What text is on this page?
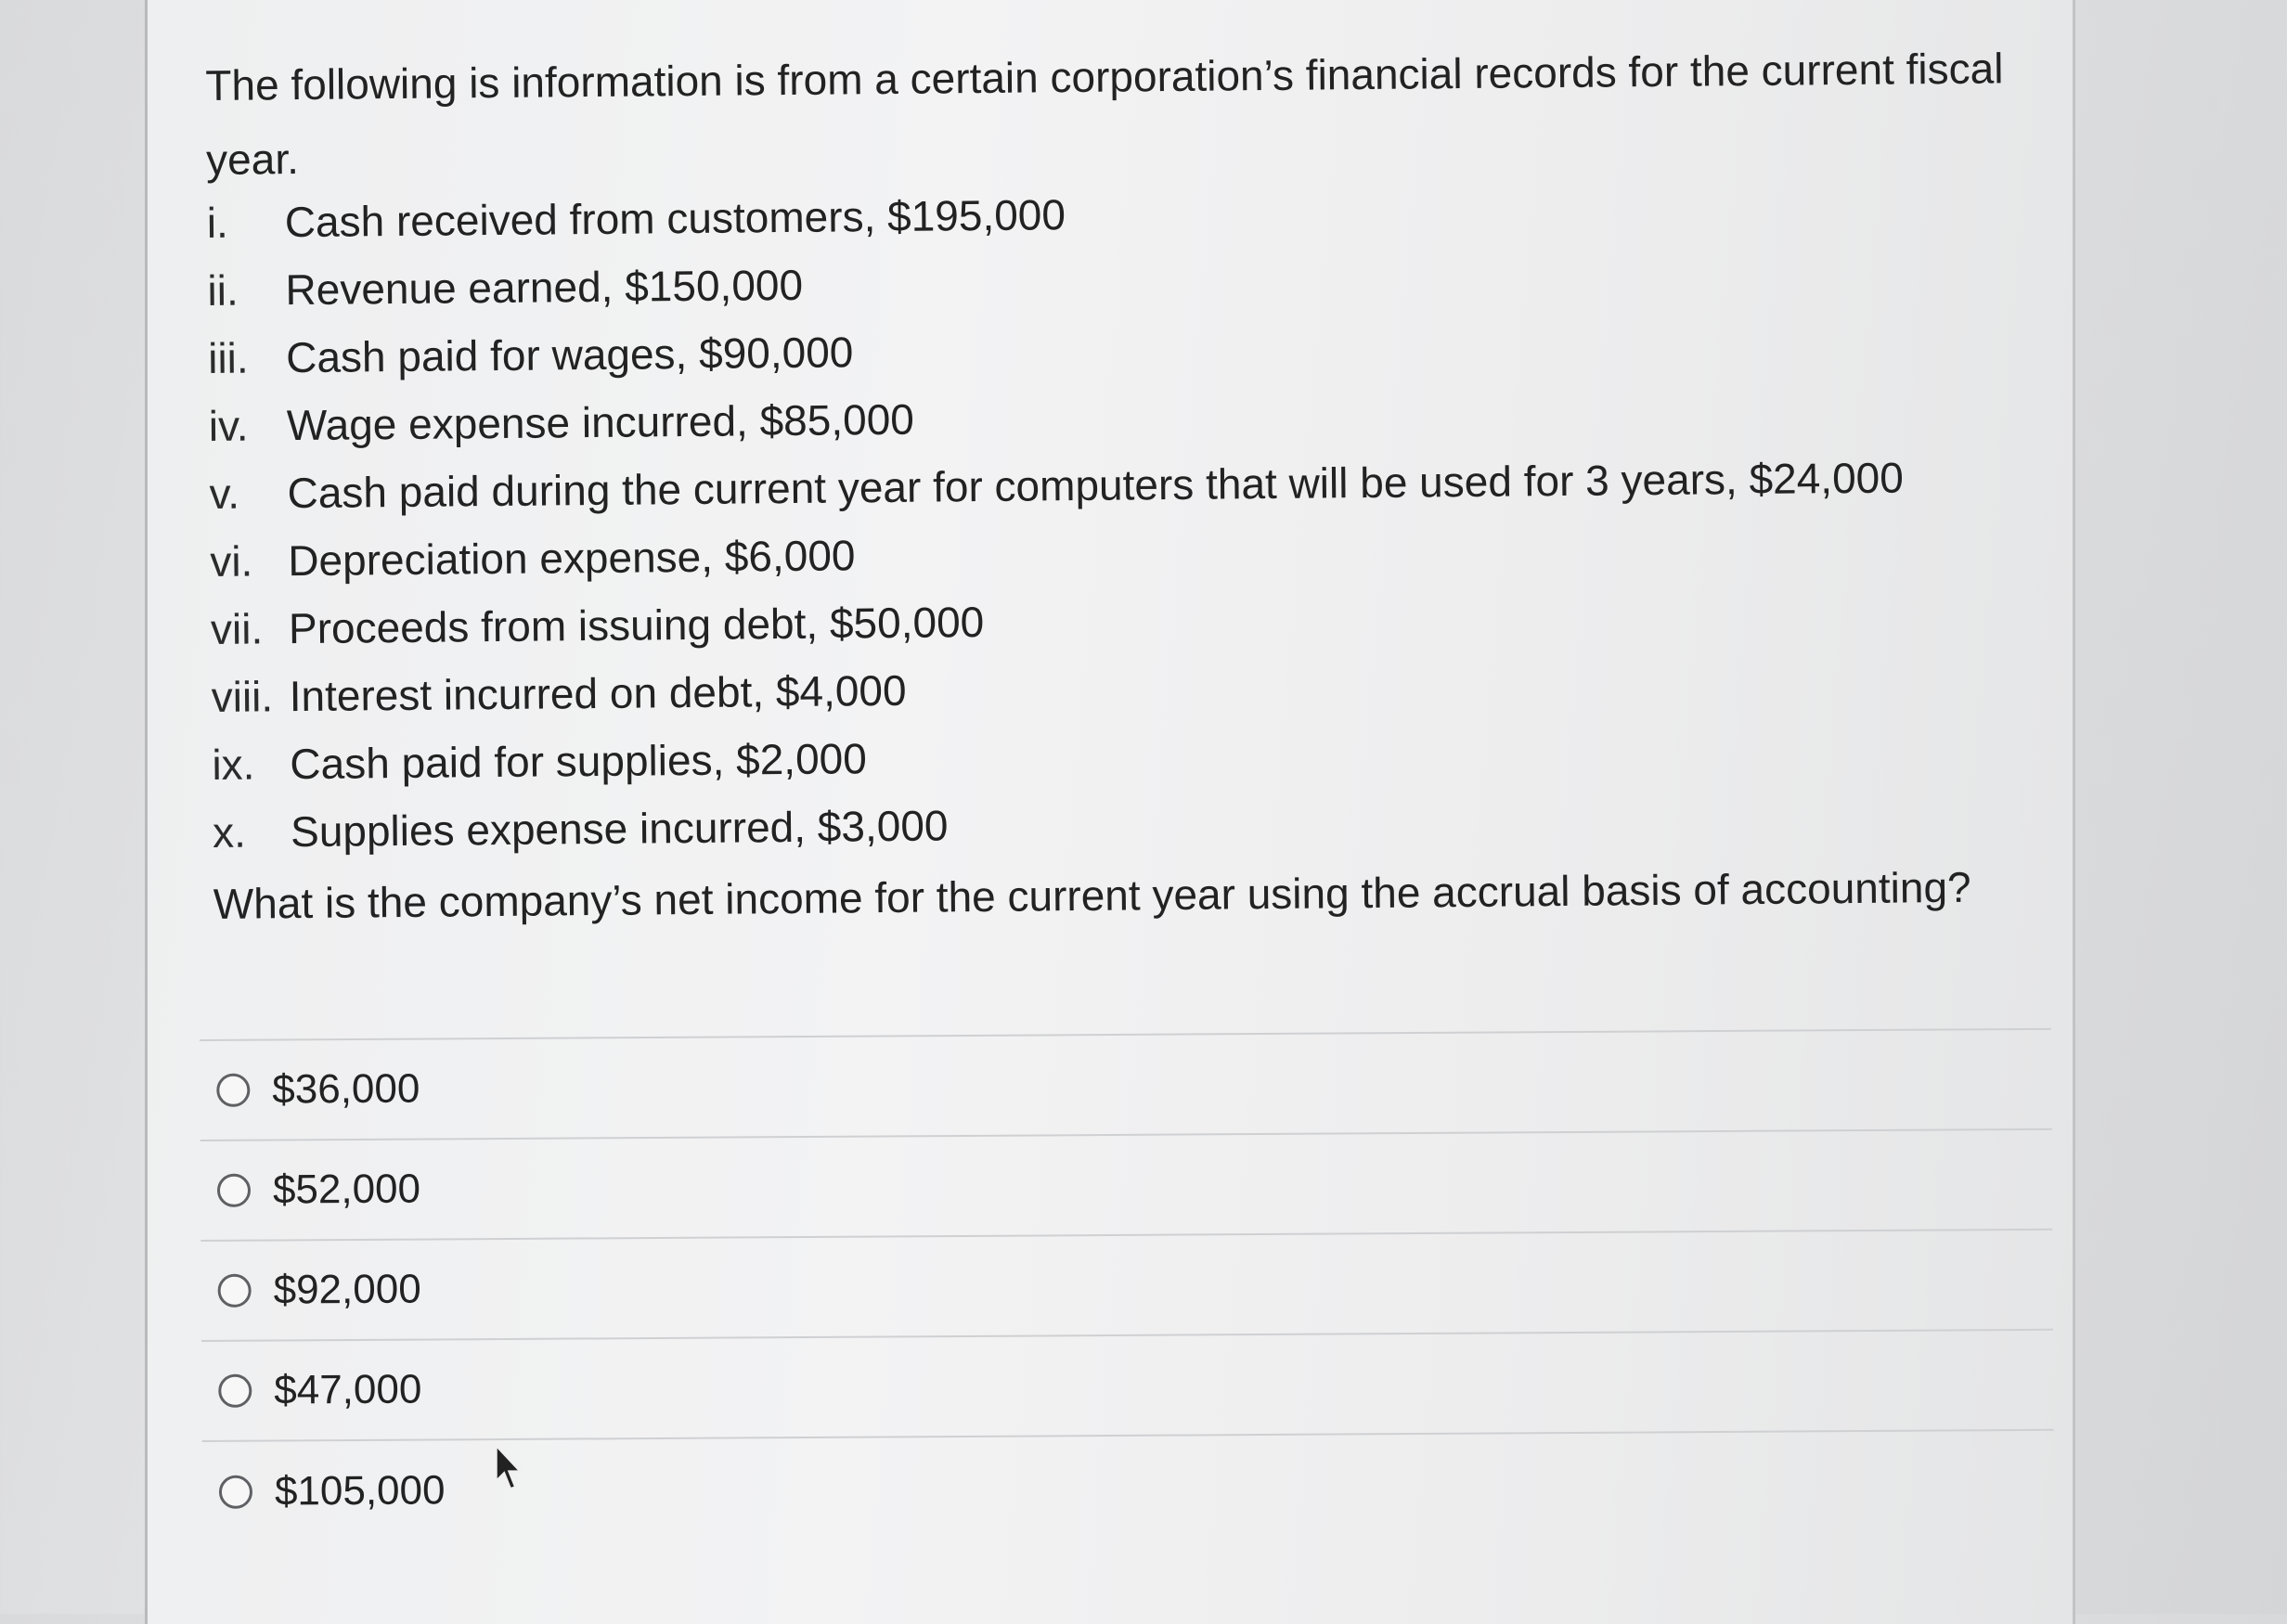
The following is information is from a certain corporation’s financial records for the current fiscal year.

i.	Cash received from customers, $195,000
ii.	Revenue earned, $150,000
iii. Cash paid for wages, $90,000
iv. Wage expense incurred, $85,000
v.	Cash paid during the current year for computers that will be used for 3 years, $24,000
vi. Depreciation expense, $6,000
vii. Proceeds from issuing debt, $50,000
viii. Interest incurred on debt, $4,000
ix. Cash paid for supplies, $2,000
x.	Supplies expense incurred, $3,000

What is the company’s net income for the current year using the accrual basis of accounting?

$36,000
$52,000
$92,000
$47,000
$105,000
